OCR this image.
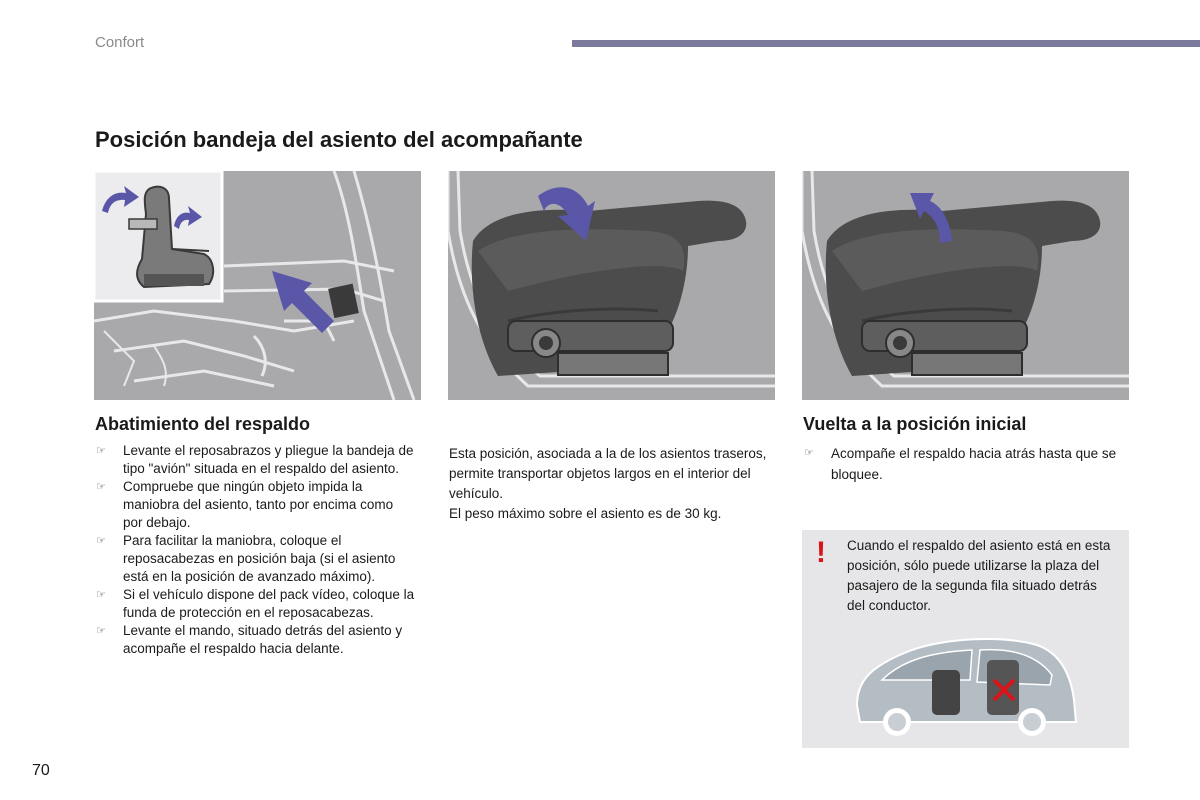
Confort
Posición bandeja del asiento del acompañante
Abatimiento del respaldo
☞ Levante el reposabrazos y pliegue la bandeja de tipo "avión" situada en el respaldo del asiento.
☞ Compruebe que ningún objeto impida la maniobra del asiento, tanto por encima como por debajo.
☞ Para facilitar la maniobra, coloque el reposacabezas en posición baja (si el asiento está en la posición de avanzado máximo).
☞ Si el vehículo dispone del pack vídeo, coloque la funda de protección en el reposacabezas.
☞ Levante el mando, situado detrás del asiento y acompañe el respaldo hacia delante.
Esta posición, asociada a la de los asientos traseros, permite transportar objetos largos en el interior del vehículo.
El peso máximo sobre el asiento es de 30 kg.
Vuelta a la posición inicial
☞ Acompañe el respaldo hacia atrás hasta que se bloquee.
! Cuando el respaldo del asiento está en esta posición, sólo puede utilizarse la plaza del pasajero de la segunda fila situado detrás del conductor.
70
